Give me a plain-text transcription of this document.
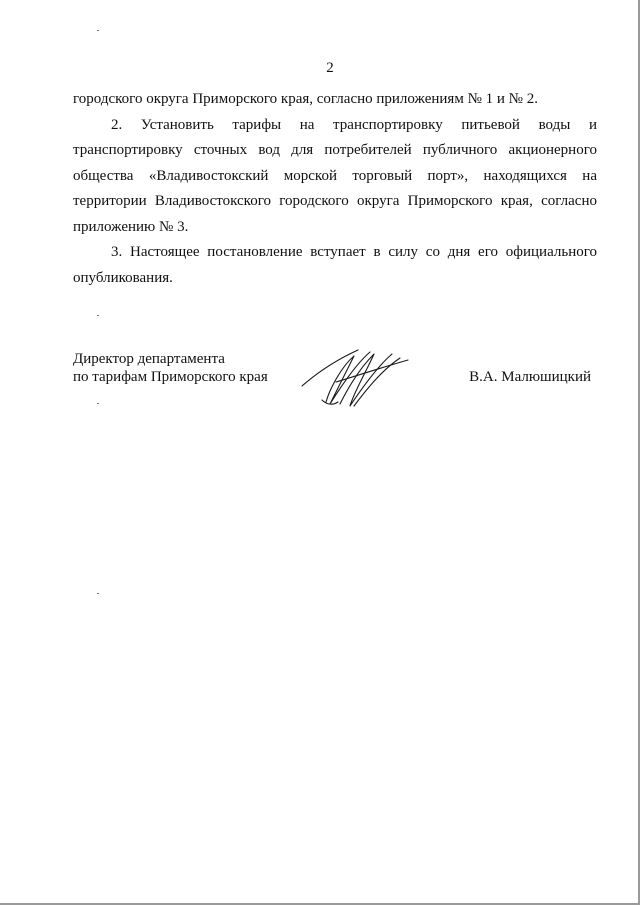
2

городского округа Приморского края, согласно приложениям № 1 и № 2.

2. Установить тарифы на транспортировку питьевой воды и транспортировку сточных вод для потребителей публичного акционерного общества «Владивостокский морской торговый порт», находящихся на территории Владивостокского городского округа Приморского края, согласно приложению № 3.

3. Настоящее постановление вступает в силу со дня его официального опубликования.

Директор департамента
по тарифам Приморского края	В.А. Малюшицкий
